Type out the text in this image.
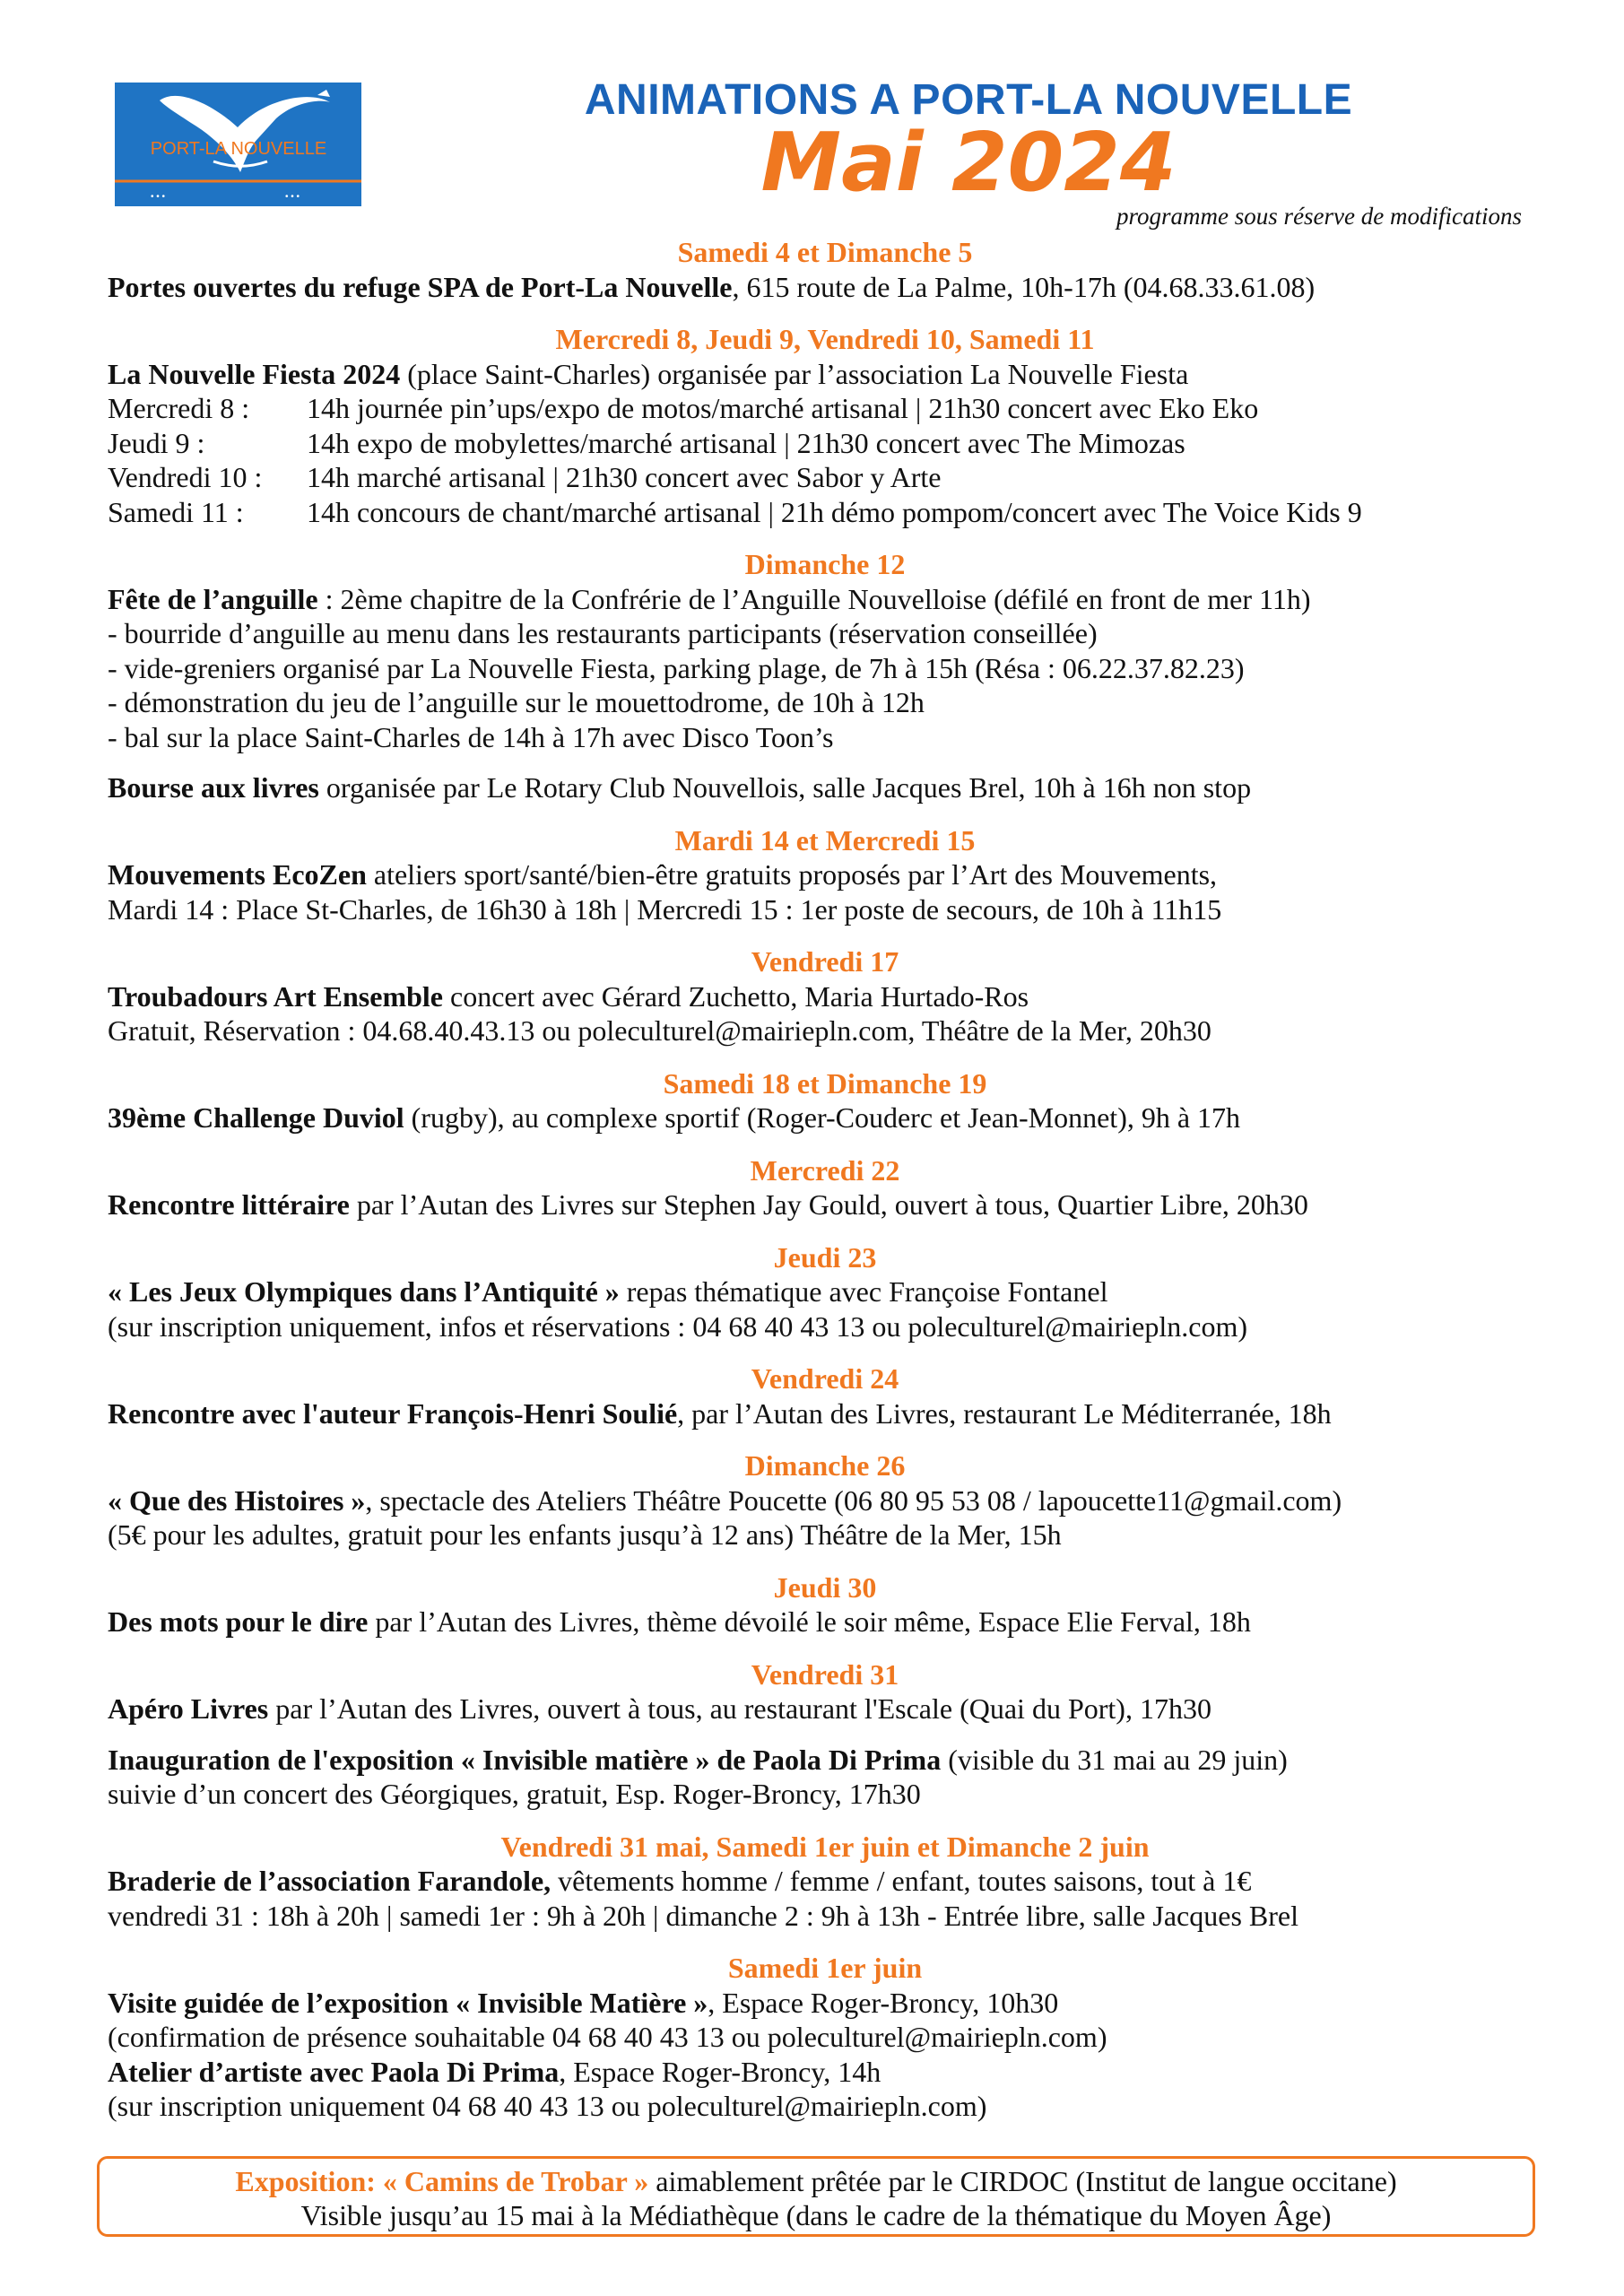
PORT-LA NOUVELLE
• • •	• • •
ANIMATIONS A PORT-LA NOUVELLE
Mai 2024
programme sous réserve de modifications
Samedi 4 et Dimanche 5
Portes ouvertes du refuge SPA de Port-La Nouvelle, 615 route de La Palme, 10h-17h (04.68.33.61.08)
Mercredi 8, Jeudi 9, Vendredi 10, Samedi 11
La Nouvelle Fiesta 2024 (place Saint-Charles) organisée par l’association La Nouvelle Fiesta
Mercredi 8 :	14h journée pin’ups/expo de motos/marché artisanal | 21h30 concert avec Eko Eko
Jeudi 9 :	14h expo de mobylettes/marché artisanal | 21h30 concert avec The Mimozas
Vendredi 10 :	14h marché artisanal | 21h30 concert avec Sabor y Arte
Samedi 11 :	14h concours de chant/marché artisanal | 21h démo pompom/concert avec The Voice Kids 9
Dimanche 12
Fête de l’anguille : 2ème chapitre de la Confrérie de l’Anguille Nouvelloise (défilé en front de mer 11h)
- bourride d’anguille au menu dans les restaurants participants (réservation conseillée)
- vide-greniers organisé par La Nouvelle Fiesta, parking plage, de 7h à 15h (Résa : 06.22.37.82.23)
- démonstration du jeu de l’anguille sur le mouettodrome, de 10h à 12h
- bal sur la place Saint-Charles de 14h à 17h avec Disco Toon’s
Bourse aux livres organisée par Le Rotary Club Nouvellois, salle Jacques Brel, 10h à 16h non stop
Mardi 14 et Mercredi 15
Mouvements EcoZen ateliers sport/santé/bien-être gratuits proposés par l’Art des Mouvements,
Mardi 14 : Place St-Charles, de 16h30 à 18h | Mercredi 15 : 1er poste de secours, de 10h à 11h15
Vendredi 17
Troubadours Art Ensemble concert avec Gérard Zuchetto, Maria Hurtado-Ros
Gratuit, Réservation : 04.68.40.43.13 ou poleculturel@mairiepln.com, Théâtre de la Mer, 20h30
Samedi 18 et Dimanche 19
39ème Challenge Duviol (rugby), au complexe sportif (Roger-Couderc et Jean-Monnet), 9h à 17h
Mercredi 22
Rencontre littéraire par l’Autan des Livres sur Stephen Jay Gould, ouvert à tous, Quartier Libre, 20h30
Jeudi 23
« Les Jeux Olympiques dans l’Antiquité » repas thématique avec Françoise Fontanel
(sur inscription uniquement, infos et réservations : 04 68 40 43 13 ou poleculturel@mairiepln.com)
Vendredi 24
Rencontre avec l'auteur François-Henri Soulié, par l’Autan des Livres, restaurant Le Méditerranée, 18h
Dimanche 26
« Que des Histoires », spectacle des Ateliers Théâtre Poucette (06 80 95 53 08 / lapoucette11@gmail.com)
(5€ pour les adultes, gratuit pour les enfants jusqu’à 12 ans) Théâtre de la Mer, 15h
Jeudi 30
Des mots pour le dire par l’Autan des Livres, thème dévoilé le soir même, Espace Elie Ferval, 18h
Vendredi 31
Apéro Livres par l’Autan des Livres, ouvert à tous, au restaurant l'Escale (Quai du Port), 17h30
Inauguration de l'exposition « Invisible matière » de Paola Di Prima (visible du 31 mai au 29 juin)
suivie d’un concert des Géorgiques, gratuit, Esp. Roger-Broncy, 17h30
Vendredi 31 mai, Samedi 1er juin et Dimanche 2 juin
Braderie de l’association Farandole, vêtements homme / femme / enfant, toutes saisons, tout à 1€
vendredi 31 : 18h à 20h | samedi 1er : 9h à 20h | dimanche 2 : 9h à 13h - Entrée libre, salle Jacques Brel
Samedi 1er juin
Visite guidée de l’exposition « Invisible Matière », Espace Roger-Broncy, 10h30
(confirmation de présence souhaitable 04 68 40 43 13 ou poleculturel@mairiepln.com)
Atelier d’artiste avec Paola Di Prima, Espace Roger-Broncy, 14h
(sur inscription uniquement 04 68 40 43 13 ou poleculturel@mairiepln.com)
Exposition: « Camins de Trobar » aimablement prêtée par le CIRDOC (Institut de langue occitane)
Visible jusqu’au 15 mai à la Médiathèque (dans le cadre de la thématique du Moyen Âge)
